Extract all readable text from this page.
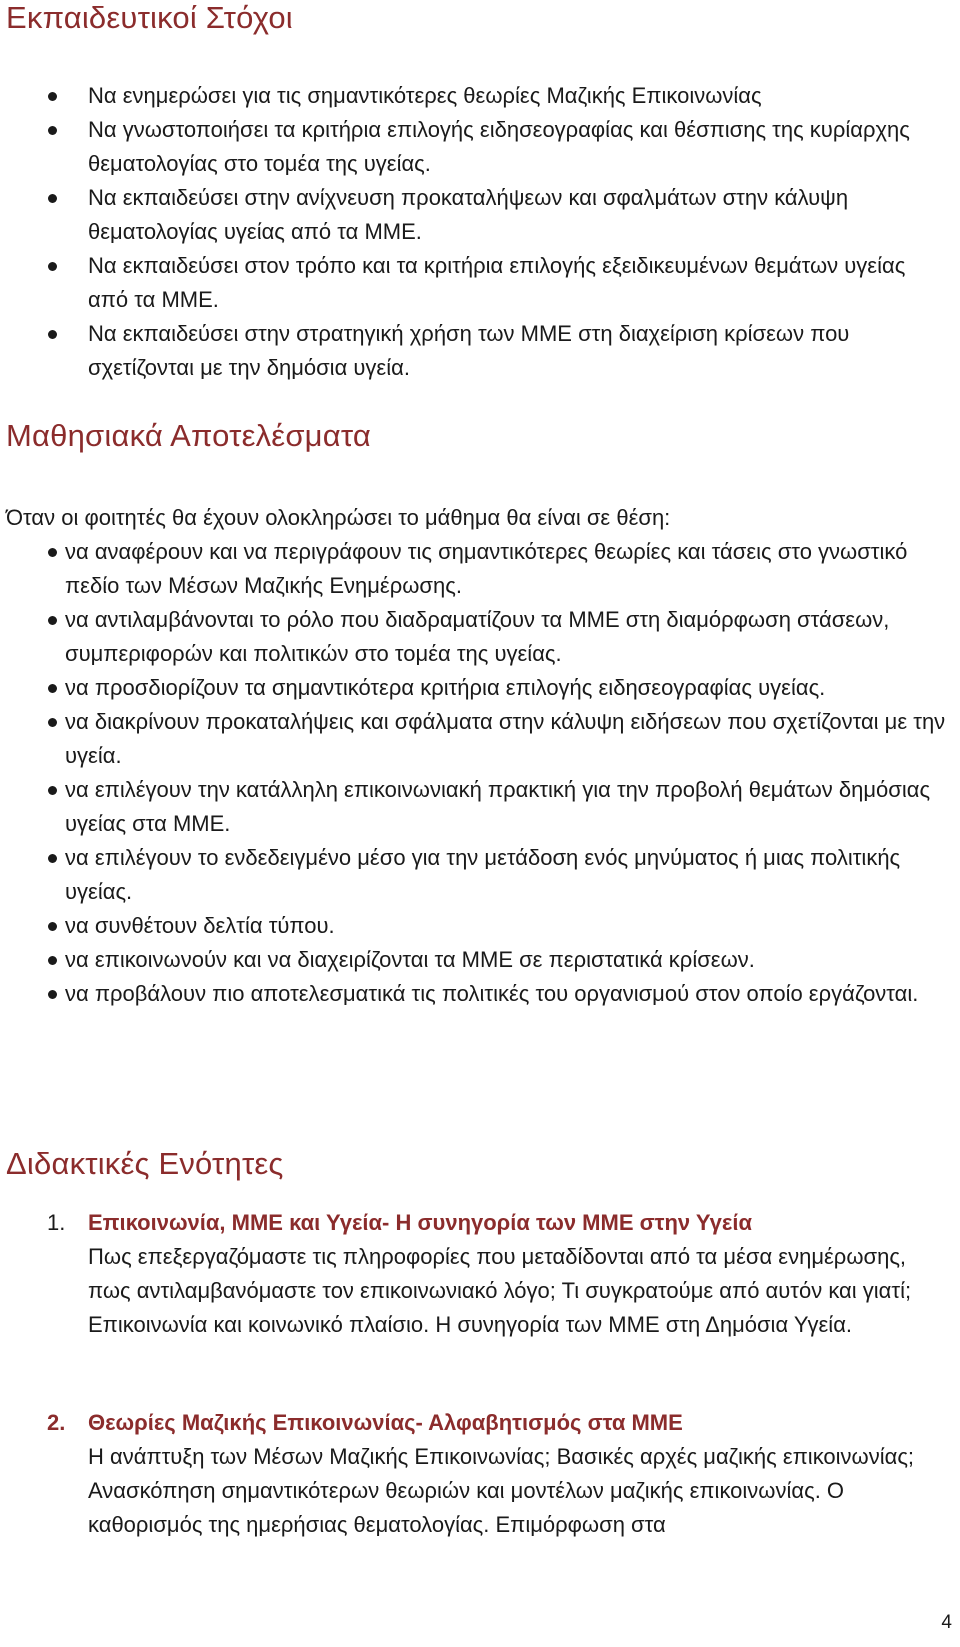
Εκπαιδευτικοί Στόχοι
Να ενημερώσει για τις σημαντικότερες θεωρίες Μαζικής Επικοινωνίας
Να γνωστοποιήσει τα κριτήρια επιλογής ειδησεογραφίας και θέσπισης της κυρίαρχης θεματολογίας στο τομέα της υγείας.
Να εκπαιδεύσει στην ανίχνευση προκαταλήψεων και σφαλμάτων στην κάλυψη θεματολογίας υγείας από τα ΜΜΕ.
Να εκπαιδεύσει στον τρόπο και τα κριτήρια επιλογής εξειδικευμένων θεμάτων υγείας από τα ΜΜΕ.
Να εκπαιδεύσει στην στρατηγική χρήση των ΜΜΕ στη διαχείριση κρίσεων που σχετίζονται με την δημόσια υγεία.
Μαθησιακά Αποτελέσματα

Όταν οι φοιτητές θα έχουν ολοκληρώσει το μάθημα θα είναι σε θέση:

να αναφέρουν και να περιγράφουν τις σημαντικότερες θεωρίες και τάσεις στο γνωστικό πεδίο των Μέσων Μαζικής Ενημέρωσης.
να αντιλαμβάνονται το ρόλο που διαδραματίζουν τα ΜΜΕ στη διαμόρφωση στάσεων, συμπεριφορών και πολιτικών στο τομέα της υγείας.
να προσδιορίζουν τα σημαντικότερα κριτήρια επιλογής ειδησεογραφίας υγείας.
να διακρίνουν προκαταλήψεις και σφάλματα στην κάλυψη ειδήσεων που σχετίζονται με την υγεία.
να επιλέγουν την κατάλληλη επικοινωνιακή πρακτική για την προβολή θεμάτων δημόσιας υγείας στα ΜΜΕ.
να επιλέγουν το ενδεδειγμένο μέσο για την μετάδοση ενός μηνύματος ή μιας πολιτικής υγείας.
να συνθέτουν δελτία τύπου.
να επικοινωνούν και να διαχειρίζονται τα ΜΜΕ σε περιστατικά κρίσεων.
να προβάλουν πιο αποτελεσματικά τις πολιτικές του οργανισμού στον οποίο εργάζονται.
Διδακτικές Ενότητες
1. Επικοινωνία, ΜΜΕ και Υγεία- Η συνηγορία των ΜΜΕ στην Υγεία

Πως επεξεργαζόμαστε τις πληροφορίες που μεταδίδονται από τα μέσα ενημέρωσης, πως αντιλαμβανόμαστε τον επικοινωνιακό λόγο; Τι συγκρατούμε από αυτόν και γιατί; Επικοινωνία και κοινωνικό πλαίσιο. Η συνηγορία των ΜΜΕ στη Δημόσια Υγεία.

2. Θεωρίες Μαζικής Επικοινωνίας- Αλφαβητισμός στα ΜΜΕ

Η ανάπτυξη των Μέσων Μαζικής Επικοινωνίας; Βασικές αρχές μαζικής επικοινωνίας; Ανασκόπηση σημαντικότερων θεωριών και μοντέλων μαζικής επικοινωνίας. Ο καθορισμός της ημερήσιας θεματολογίας. Επιμόρφωση στα

4
